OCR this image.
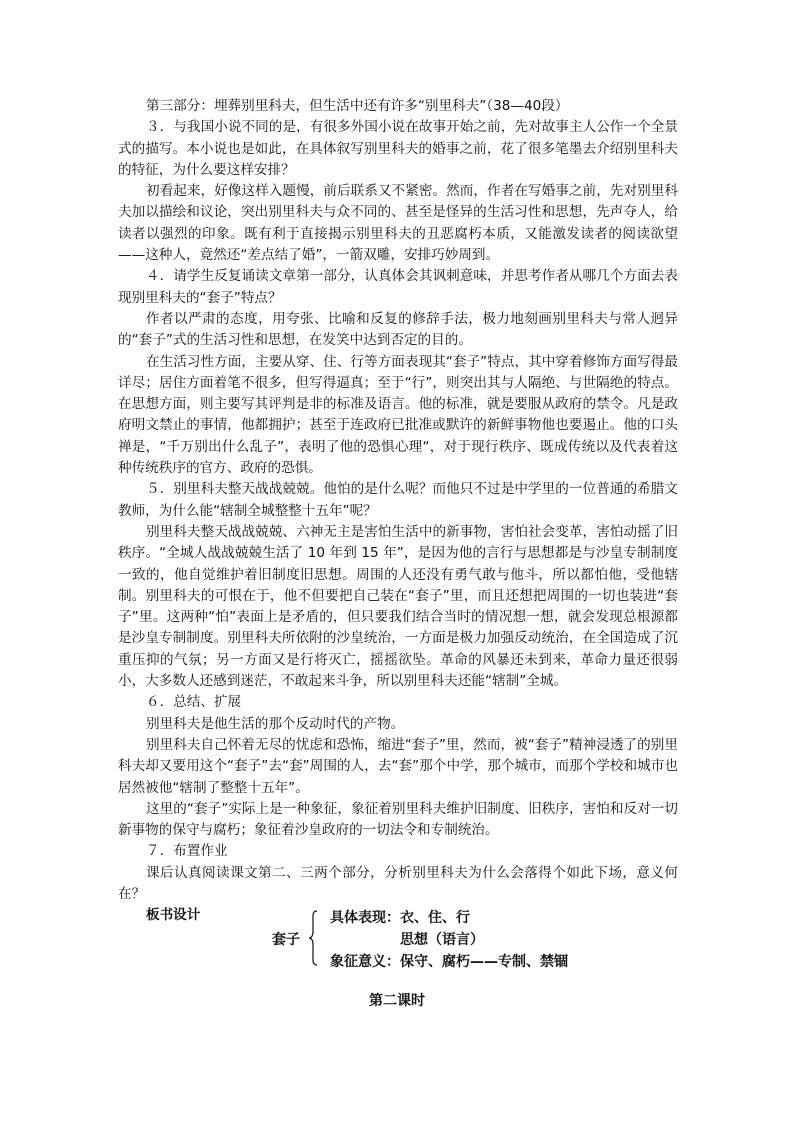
第三部分：埋葬别里科夫，但生活中还有许多“别里科夫”（38—40段）

３．与我国小说不同的是，有很多外国小说在故事开始之前，先对故事主人公作一个全景式的描写。本小说也是如此，在具体叙写别里科夫的婚事之前，花了很多笔墨去介绍别里科夫的特征，为什么要这样安排？

初看起来，好像这样入题慢，前后联系又不紧密。然而，作者在写婚事之前，先对别里科夫加以描绘和议论，突出别里科夫与众不同的、甚至是怪异的生活习性和思想，先声夺人，给读者以强烈的印象。既有利于直接揭示别里科夫的丑恶腐朽本质，又能激发读者的阅读欲望——这种人，竟然还“差点结了婚”，一箭双雕，安排巧妙周到。

４．请学生反复诵读文章第一部分，认真体会其讽刺意味，并思考作者从哪几个方面去表现别里科夫的“套子”特点？

作者以严肃的态度，用夸张、比喻和反复的修辞手法，极力地刻画别里科夫与常人迥异的“套子”式的生活习性和思想，在发笑中达到否定的目的。

在生活习性方面，主要从穿、住、行等方面表现其“套子”特点，其中穿着修饰方面写得最详尽；居住方面着笔不很多，但写得逼真；至于“行”，则突出其与人隔绝、与世隔绝的特点。在思想方面，则主要写其评判是非的标准及语言。他的标准，就是要服从政府的禁令。凡是政府明文禁止的事情，他都拥护；甚至于连政府已批准或默许的新鲜事物他也要遏止。他的口头禅是，“千万别出什么乱子”，表明了他的恐惧心理“，对于现行秩序、既成传统以及代表着这种传统秩序的官方、政府的恐惧。

５．别里科夫整天战战兢兢。他怕的是什么呢？而他只不过是中学里的一位普通的希腊文教师，为什么能“辖制全城整整十五年”呢？

别里科夫整天战战兢兢、六神无主是害怕生活中的新事物，害怕社会变革，害怕动摇了旧秩序。“全城人战战兢兢生活了 10 年到 15 年”，是因为他的言行与思想都是与沙皇专制制度一致的，他自觉维护着旧制度旧思想。周围的人还没有勇气敢与他斗，所以都怕他，受他辖制。别里科夫的可恨在于，他不但要把自己装在“套子”里，而且还想把周围的一切也装进“套子”里。这两种“怕”表面上是矛盾的，但只要我们结合当时的情况想一想，就会发现总根源都是沙皇专制制度。别里科夫所依附的沙皇统治，一方面是极力加强反动统治，在全国造成了沉重压抑的气氛；另一方面又是行将灭亡，摇摇欲坠。革命的风暴还未到来，革命力量还很弱小，大多数人还感到迷茫，不敢起来斗争，所以别里科夫还能“辖制”全城。

６．总结、扩展

别里科夫是他生活的那个反动时代的产物。

别里科夫自己怀着无尽的忧虑和恐怖，缩进“套子”里，然而，被“套子”精神浸透了的别里科夫却又要用这个“套子”去“套”周围的人，去“套”那个中学，那个城市，而那个学校和城市也居然被他“辖制了整整十五年”。

这里的“套子”实际上是一种象征，象征着别里科夫维护旧制度、旧秩序，害怕和反对一切新事物的保守与腐朽；象征着沙皇政府的一切法令和专制统治。

７．布置作业

课后认真阅读课文第二、三两个部分，分析别里科夫为什么会落得个如此下场，意义何在？

板书设计

套子
具体表现：衣、住、行
思想（语言）
象征意义：保守、腐朽——专制、禁锢
第二课时
